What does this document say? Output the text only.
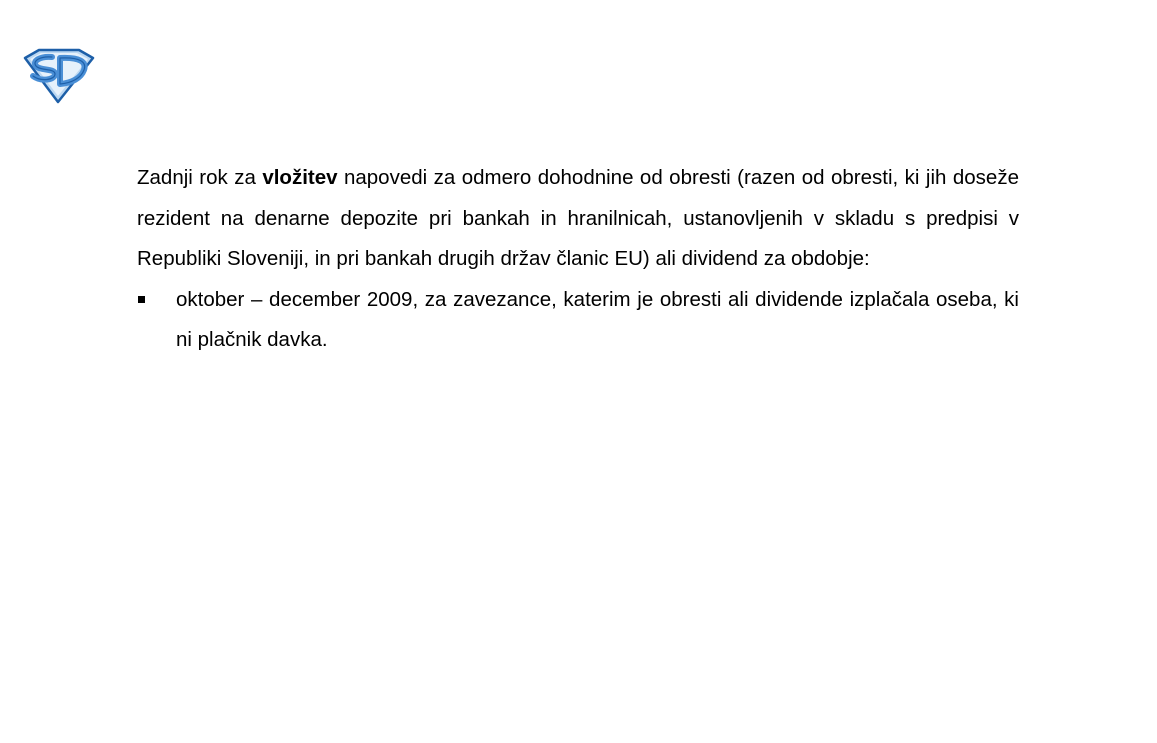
Zadnji rok za vložitev napovedi za odmero dohodnine od obresti (razen od obresti, ki jih doseže rezident na denarne depozite pri bankah in hranilnicah, ustanovljenih v skladu s predpisi v Republiki Sloveniji, in pri bankah drugih držav članic EU) ali dividend za obdobje:

oktober – december 2009, za zavezance, katerim je obresti ali dividende izplačala oseba, ki ni plačnik davka.
